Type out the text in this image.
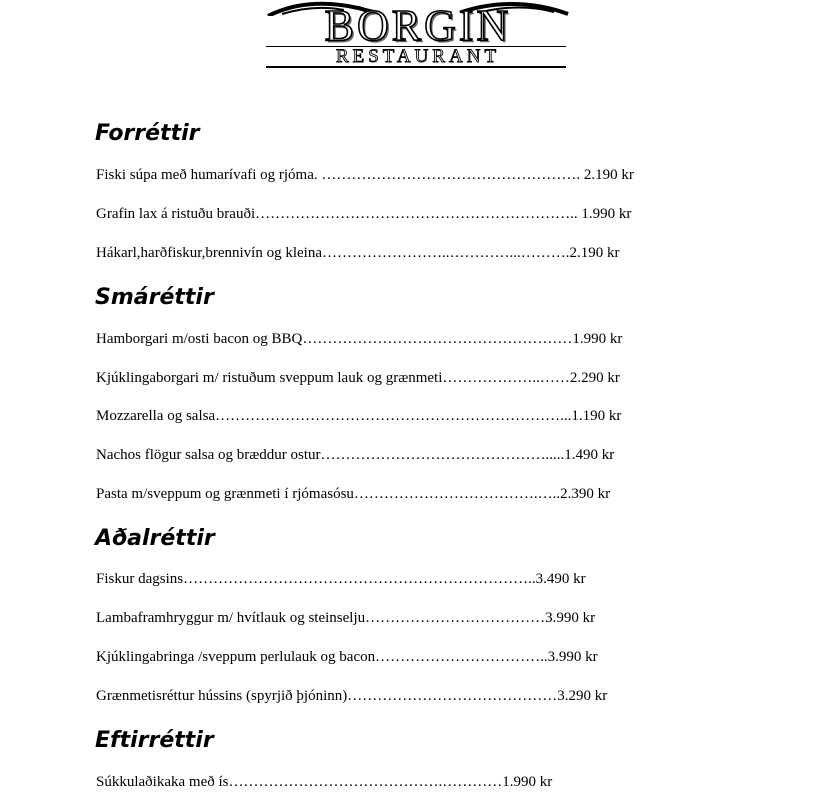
BORGIN
RESTAURANT
Forréttir
Fiski súpa með humarívafi og rjóma. ……………………………………………. 2.190 kr
Grafin lax á ristuðu brauði……………………………………………………….. 1.990 kr
Hákarl,harðfiskur,brennivín og kleina……………………..…………...……….2.190 kr
Smáréttir
Hamborgari m/osti bacon og BBQ………………………………………………1.990 kr
Kjúklingaborgari m/ ristuðum sveppum lauk og grænmeti………………..……2.290 kr
Mozzarella og salsa……………………………………………………………...1.190 kr
Nachos flögur salsa og bræddur ostur……………………………………….....1.490 kr
Pasta m/sveppum og grænmeti í rjómasósu……………………………….…..2.390 kr
Aðalréttir
Fiskur dagsins……………………………………………………………..3.490 kr
Lambaframhryggur m/ hvítlauk og steinselju………………………………3.990 kr
Kjúklingabringa /sveppum perlulauk og bacon……………………………..3.990 kr
Grænmetisréttur hússins (spyrjið þjóninn)……………………………………3.290 kr
Eftirréttir
Súkkulaðikaka með ís…………………………………….…………1.990 kr
